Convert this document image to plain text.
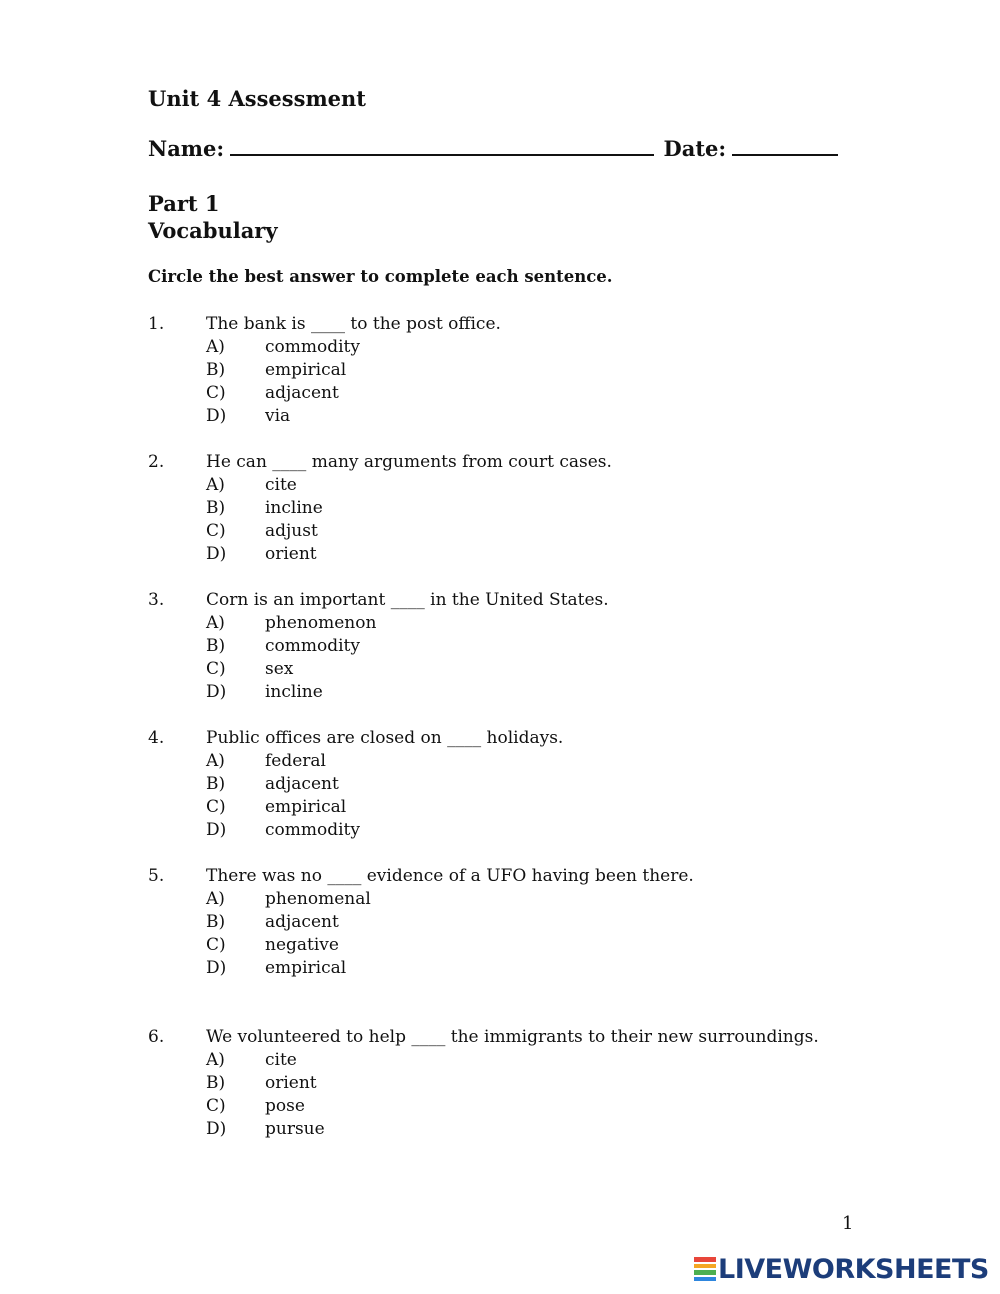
Unit 4 Assessment
Name:	Date:
Part 1
Vocabulary
Circle the best answer to complete each sentence.
1. The bank is ____ to the post office.
A) commodity
B) empirical
C) adjacent
D) via
2. He can ____ many arguments from court cases.
A) cite
B) incline
C) adjust
D) orient
3. Corn is an important ____ in the United States.
A) phenomenon
B) commodity
C) sex
D) incline
4. Public offices are closed on ____ holidays.
A) federal
B) adjacent
C) empirical
D) commodity
5. There was no ____ evidence of a UFO having been there.
A) phenomenal
B) adjacent
C) negative
D) empirical
6. We volunteered to help ____ the immigrants to their new surroundings.
A) cite
B) orient
C) pose
D) pursue
1
LIVEWORKSHEETS
